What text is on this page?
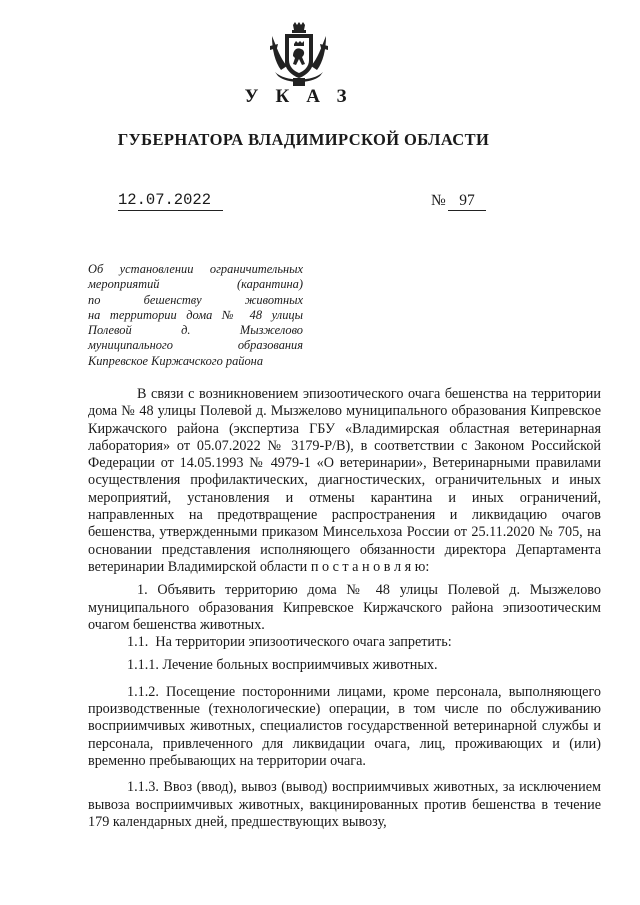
УКАЗ
ГУБЕРНАТОРА ВЛАДИМИРСКОЙ ОБЛАСТИ
12.07.2022	№ 97
Об установлении ограничительных
мероприятий (карантина)
по бешенству животных
на территории дома № 48 улицы
Полевой д. Мызжелово
муниципального образования
Кипревское Киржачского района
В связи с возникновением эпизоотического очага бешенства на территории дома № 48 улицы Полевой д. Мызжелово муниципального образования Кипревское Киржачского района (экспертиза ГБУ «Владимирская областная ветеринарная лаборатория» от 05.07.2022 № 3179-Р/В), в соответствии с Законом Российской Федерации от 14.05.1993 № 4979-1 «О ветеринарии», Ветеринарными правилами осуществления профилактических, диагностических, ограничительных и иных мероприятий, установления и отмены карантина и иных ограничений, направленных на предотвращение распространения и ликвидацию очагов бешенства, утвержденными приказом Минсельхоза России от 25.11.2020 № 705, на основании представления исполняющего обязанности директора Департамента ветеринарии Владимирской области п о с т а н о в л я ю:
1. Объявить территорию дома № 48 улицы Полевой д. Мызжелово муниципального образования Кипревское Киржачского района эпизоотическим очагом бешенства животных.
1.1.  На территории эпизоотического очага запретить:
1.1.1. Лечение больных восприимчивых животных.
1.1.2. Посещение посторонними лицами, кроме персонала, выполняющего производственные (технологические) операции, в том числе по обслуживанию восприимчивых животных, специалистов государственной ветеринарной службы и персонала, привлеченного для ликвидации очага, лиц, проживающих и (или) временно пребывающих на территории очага.
1.1.3. Ввоз (ввод), вывоз (вывод) восприимчивых животных, за исключением вывоза восприимчивых животных, вакцинированных против бешенства в течение 179 календарных дней, предшествующих вывозу,
